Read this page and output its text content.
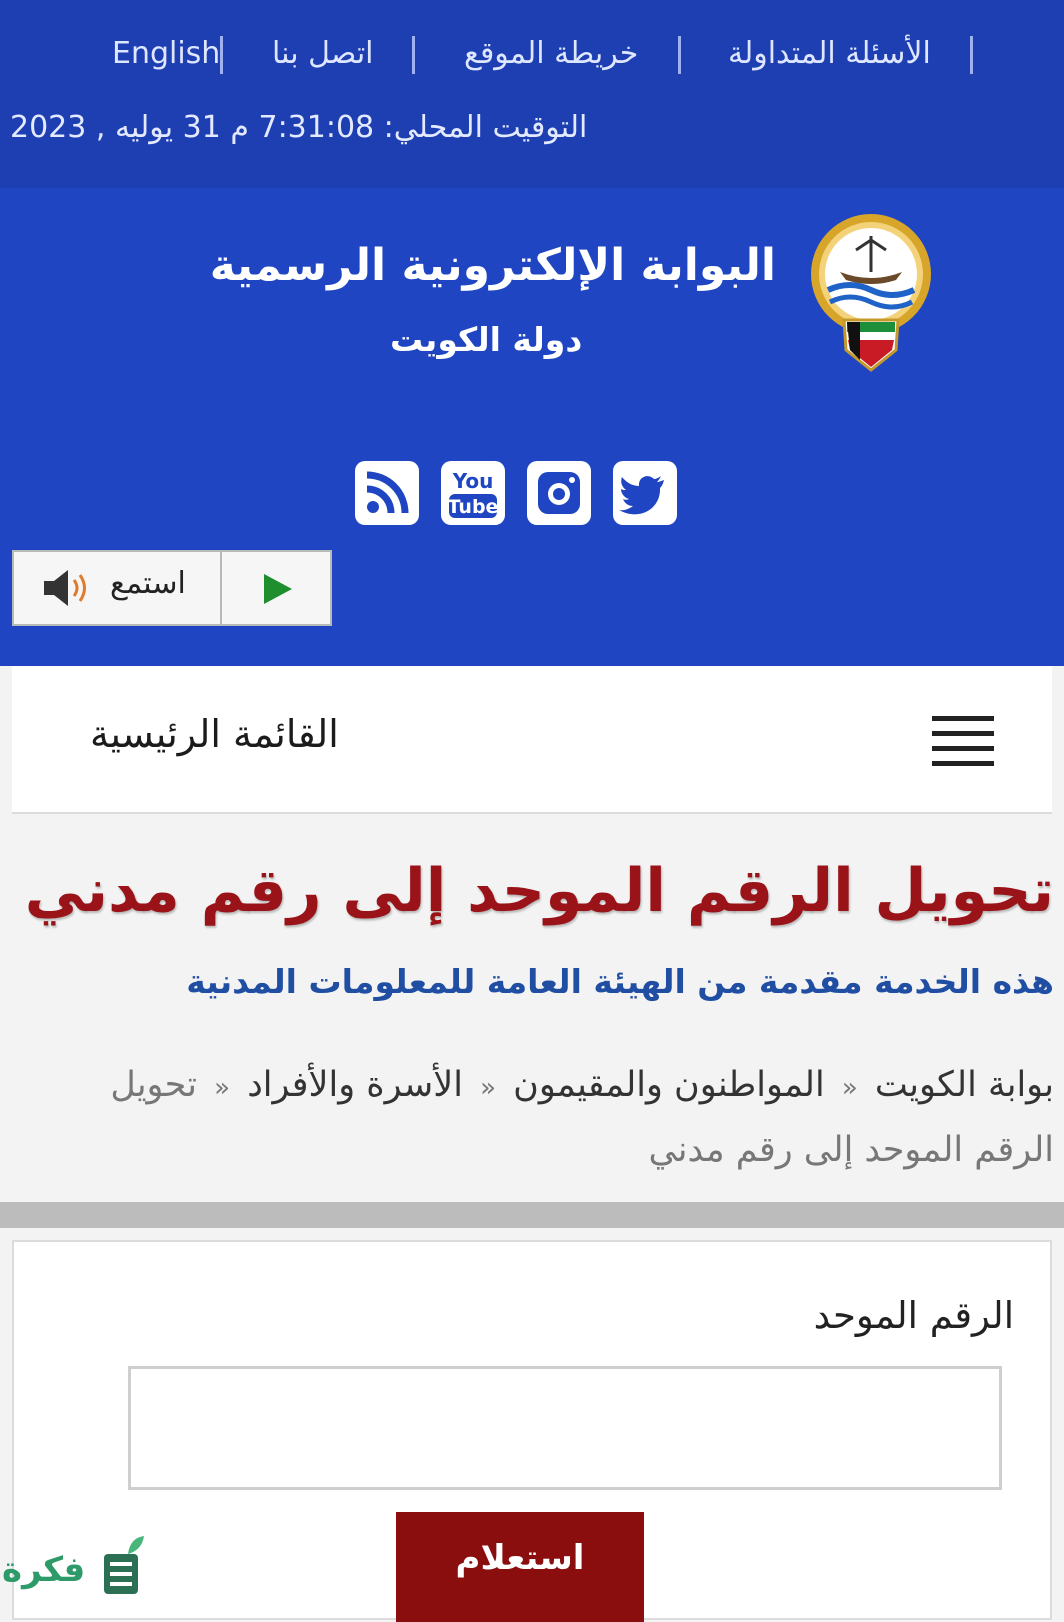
English اتصل بنا	خريطة الموقع	الأسئلة المتداولة
التوقيت المحلي: 7:31:08 م 31 يوليه , 2023
البوابة الإلكترونية الرسمية
دولة الكويت
You
Tube
استمع
القائمة الرئيسية
تحويل الرقم الموحد إلى رقم مدني
هذه الخدمة مقدمة من الهيئة العامة للمعلومات المدنية
بوابة الكويت « المواطنون والمقيمون « الأسرة والأفراد « تحويل الرقم الموحد إلى رقم مدني
الرقم الموحد
استعلام
فكرة
